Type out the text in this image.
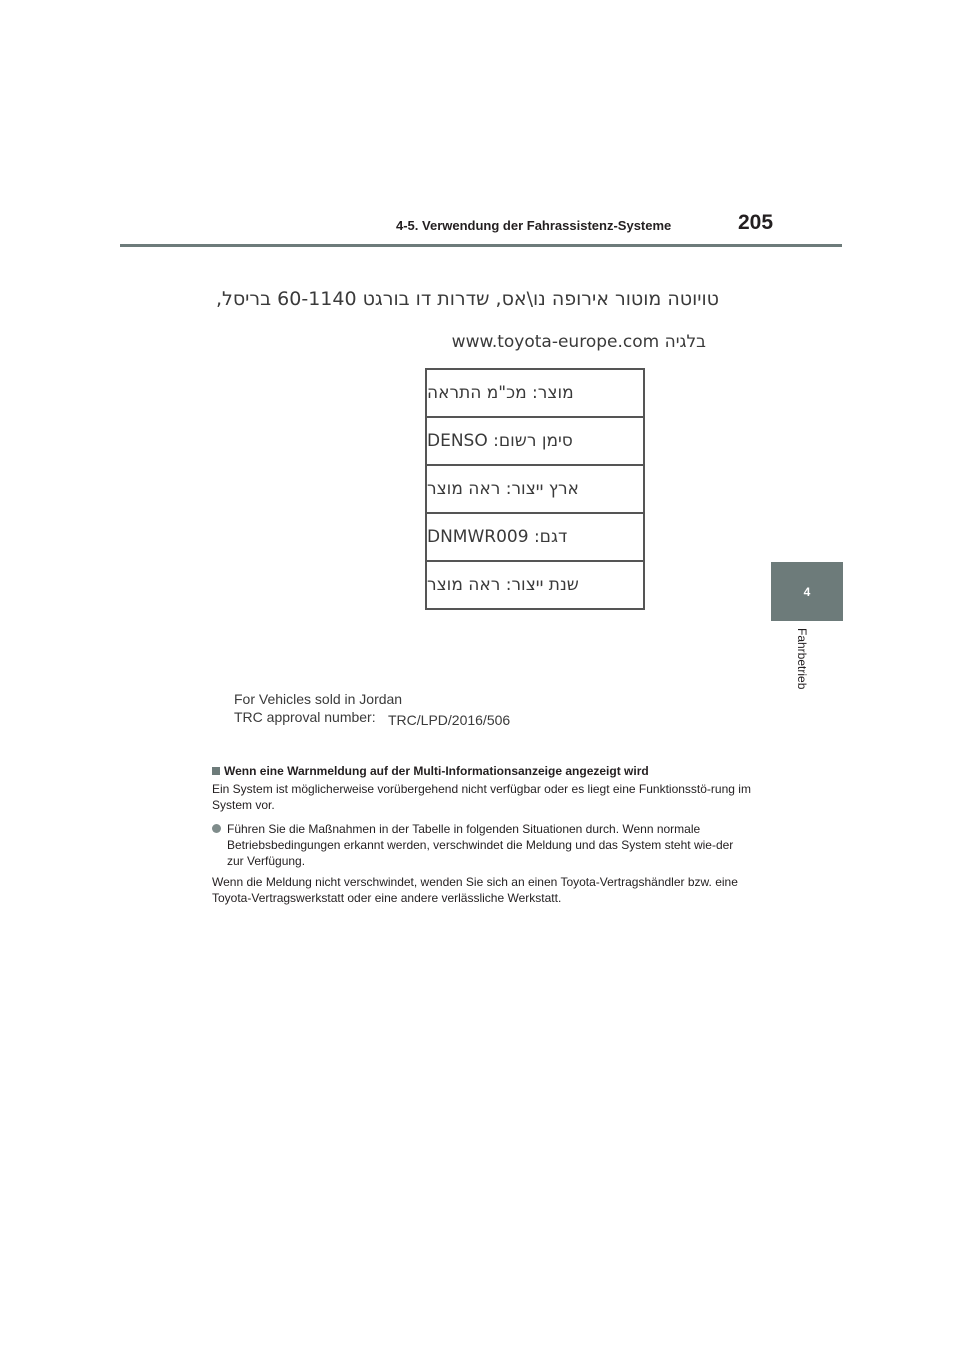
4-5. Verwendung der Fahrassistenz-Systeme	205
4
Fahrbetrieb
טויוטה מוטור אירופה נו\אס, שדרות דו בורגט 60-1140 בריסל,
בלגיה www.toyota-europe.com
מוצר: מכ"מ התראה
סימן רשום: DENSO
ארץ ייצור: ראה מוצר
דגם: DNMWR009
שנת ייצור: ראה מוצר
For Vehicles sold in Jordan
TRC approval number: TRC/LPD/2016/506
Wenn eine Warnmeldung auf der Multi-Informationsanzeige angezeigt wird
Ein System ist möglicherweise vorübergehend nicht verfügbar oder es liegt eine Funktionsstö-rung im System vor.
Führen Sie die Maßnahmen in der Tabelle in folgenden Situationen durch. Wenn normale Betriebsbedingungen erkannt werden, verschwindet die Meldung und das System steht wie-der zur Verfügung.
Wenn die Meldung nicht verschwindet, wenden Sie sich an einen Toyota-Vertragshändler bzw. eine Toyota-Vertragswerkstatt oder eine andere verlässliche Werkstatt.
